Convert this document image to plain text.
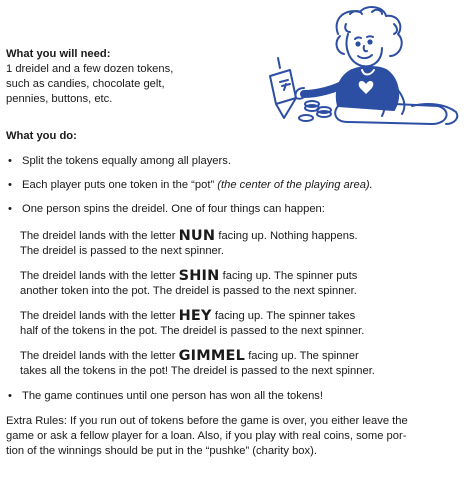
What you will need:

1 dreidel and a few dozen tokens,

such as candies, chocolate gelt,

pennies, buttons, etc.

What you do:

• Split the tokens equally among all players.

• Each player puts one token in the “pot” (the center of the playing area).

• One person spins the dreidel. One of four things can happen:

The dreidel lands with the letter NUN facing up. Nothing happens.
The dreidel is passed to the next spinner.
The dreidel lands with the letter SHIN facing up. The spinner puts
another token into the pot. The dreidel is passed to the next spinner.
The dreidel lands with the letter HEY facing up. The spinner takes
half of the tokens in the pot. The dreidel is passed to the next spinner.
The dreidel lands with the letter GIMMEL facing up. The spinner
takes all the tokens in the pot! The dreidel is passed to the next spinner.

• The game continues until one person has won all the tokens!

Extra Rules: If you run out of tokens before the game is over, you either leave the

game or ask a fellow player for a loan. Also, if you play with real coins, some por-

tion of the winnings should be put in the “pushke” (charity box).
